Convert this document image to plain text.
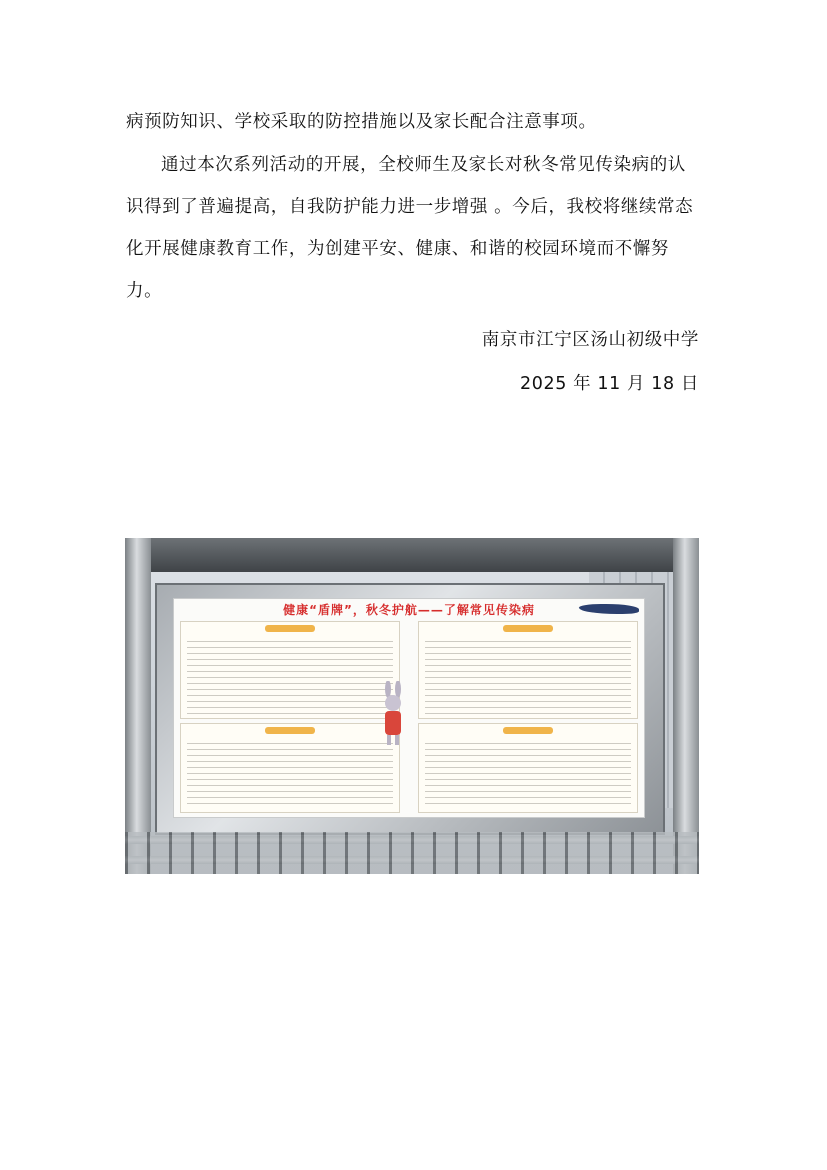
病预防知识、学校采取的防控措施以及家长配合注意事项。

通过本次系列活动的开展，全校师生及家长对秋冬常见传染病的认识得到了普遍提高，自我防护能力进一步增强 。今后，我校将继续常态化开展健康教育工作，为创建平安、健康、和谐的校园环境而不懈努力。

南京市江宁区汤山初级中学
2025 年 11 月 18 日
健康“盾牌”，秋冬护航——了解常见传染病
